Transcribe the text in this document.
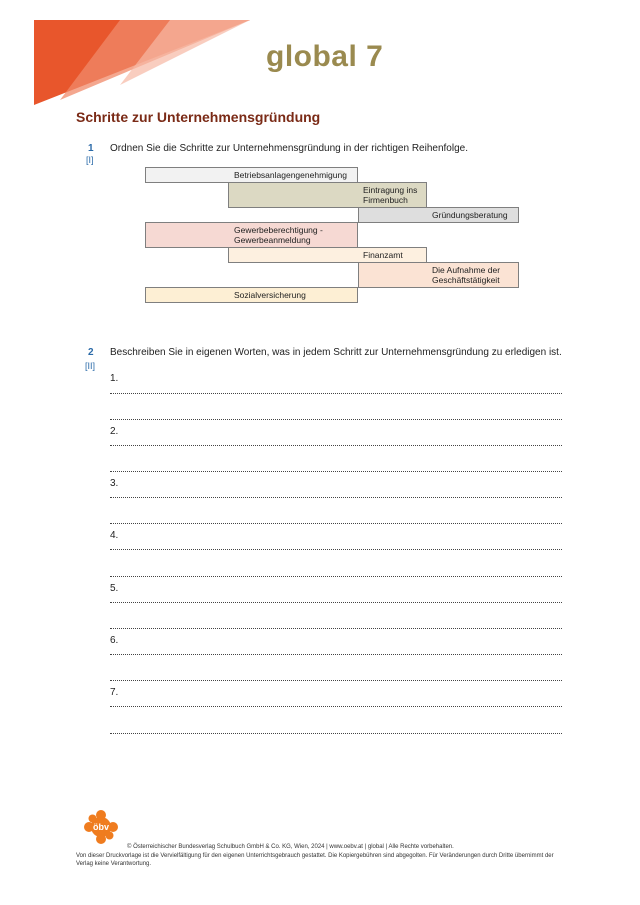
global 7
Schritte zur Unternehmensgründung
1
[I]
Ordnen Sie die Schritte zur Unternehmensgründung in der richtigen Reihenfolge.
Betriebsanlagengenehmigung
Eintragung ins Firmenbuch
Gründungsberatung
Gewerbeberechtigung - Gewerbeanmeldung
Finanzamt
Die Aufnahme der Geschäftstätigkeit
Sozialversicherung
2
[II]
Beschreiben Sie in eigenen Worten, was in jedem Schritt zur Unternehmensgründung zu erledigen ist.
1.
2.
3.
4.
5.
6.
7.
öbv
© Österreichischer Bundesverlag Schulbuch GmbH & Co. KG, Wien, 2024 | www.oebv.at | global | Alle Rechte vorbehalten.
Von dieser Druckvorlage ist die Vervielfältigung für den eigenen Unterrichtsgebrauch gestattet. Die Kopiergebühren sind abgegolten. Für Veränderungen durch Dritte übernimmt der
Verlag keine Verantwortung.
